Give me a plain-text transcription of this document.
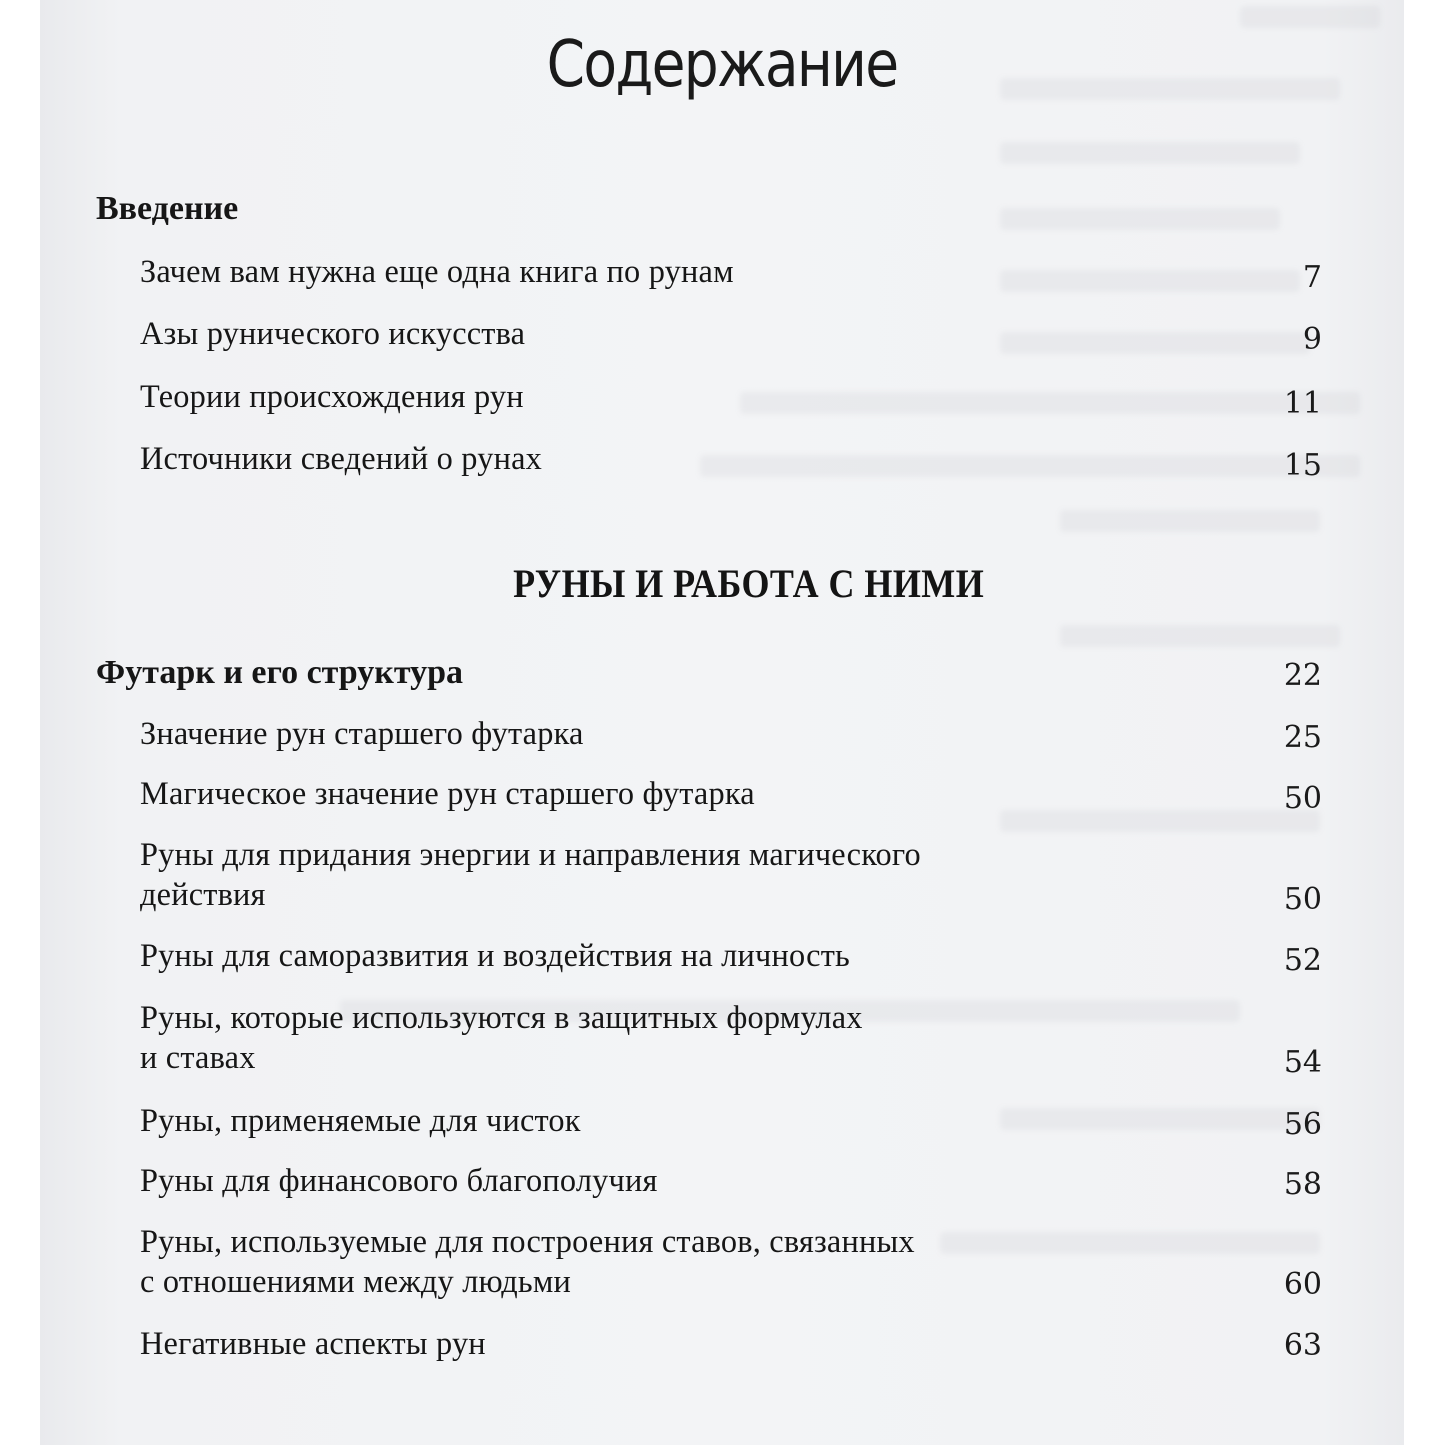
Содержание
Введение
Зачем вам нужна еще одна книга по рунам	7
Азы рунического искусства	9
Теории происхождения рун	11
Источники сведений о рунах	15
РУНЫ И РАБОТА С НИМИ
Футарк и его структура	22
Значение рун старшего футарка	25
Магическое значение рун старшего футарка	50
Руны для придания энергии и направления магического
действия	50
Руны для саморазвития и воздействия на личность	52
Руны, которые используются в защитных формулах
и ставах	54
Руны, применяемые для чисток	56
Руны для финансового благополучия	58
Руны, используемые для построения ставов, связанных
с отношениями между людьми	60
Негативные аспекты рун	63
